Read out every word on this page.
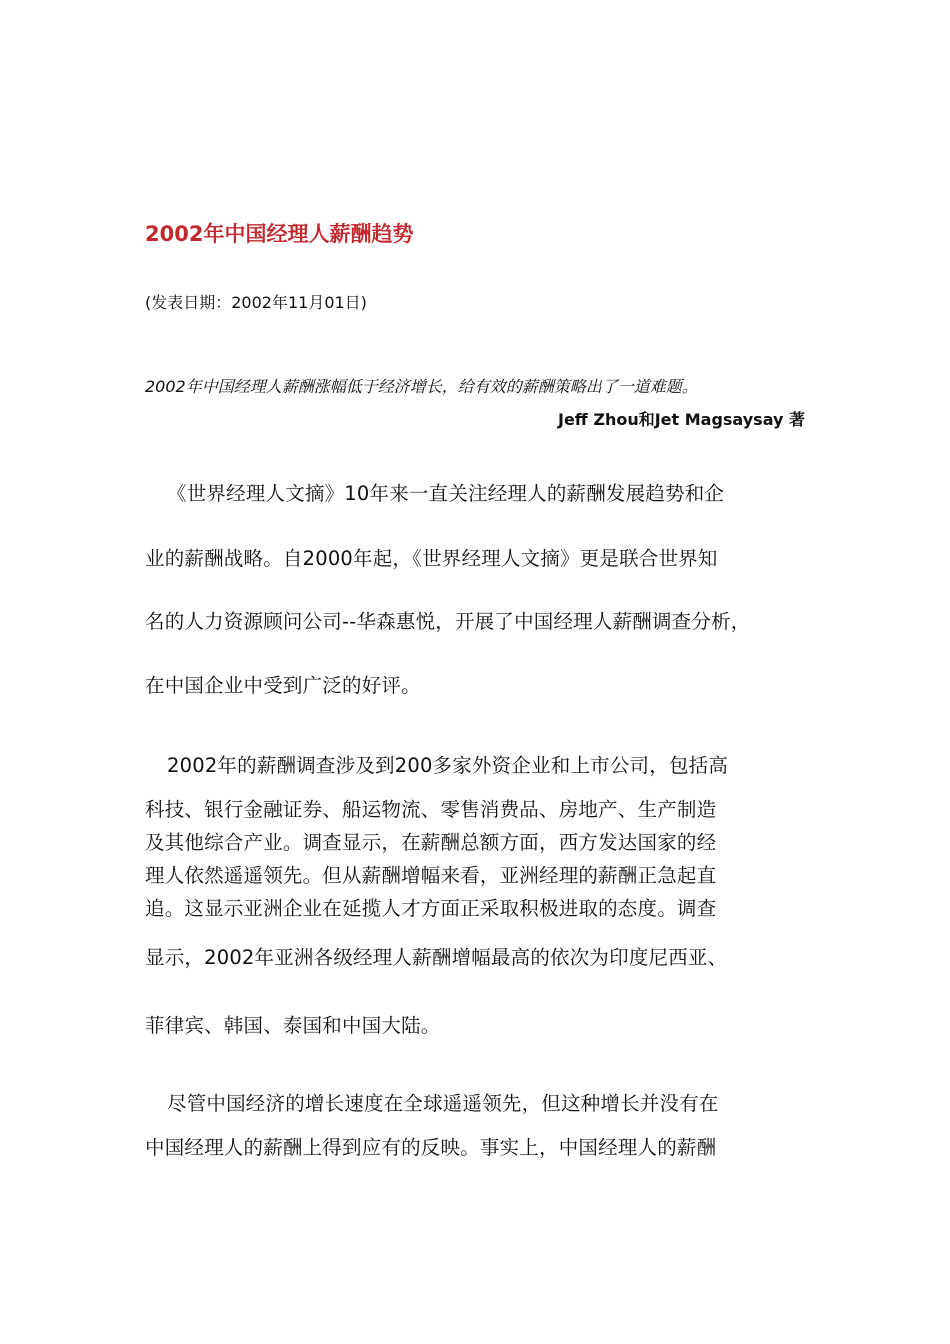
2002年中国经理人薪酬趋势
(发表日期：2002年11月01日)
2002年中国经理人薪酬涨幅低于经济增长，给有效的薪酬策略出了一道难题。
Jeff Zhou和Jet Magsaysay 著
《世界经理人文摘》10年来一直关注经理人的薪酬发展趋势和企
业的薪酬战略。自2000年起，《世界经理人文摘》更是联合世界知
名的人力资源顾问公司--华森惠悦，开展了中国经理人薪酬调查分析，
在中国企业中受到广泛的好评。
2002年的薪酬调查涉及到200多家外资企业和上市公司，包括高
科技、银行金融证券、船运物流、零售消费品、房地产、生产制造
及其他综合产业。调查显示，在薪酬总额方面，西方发达国家的经
理人依然遥遥领先。但从薪酬增幅来看，亚洲经理的薪酬正急起直
追。这显示亚洲企业在延揽人才方面正采取积极进取的态度。调查
显示，2002年亚洲各级经理人薪酬增幅最高的依次为印度尼西亚、
菲律宾、韩国、泰国和中国大陆。
尽管中国经济的增长速度在全球遥遥领先，但这种增长并没有在
中国经理人的薪酬上得到应有的反映。事实上，中国经理人的薪酬
